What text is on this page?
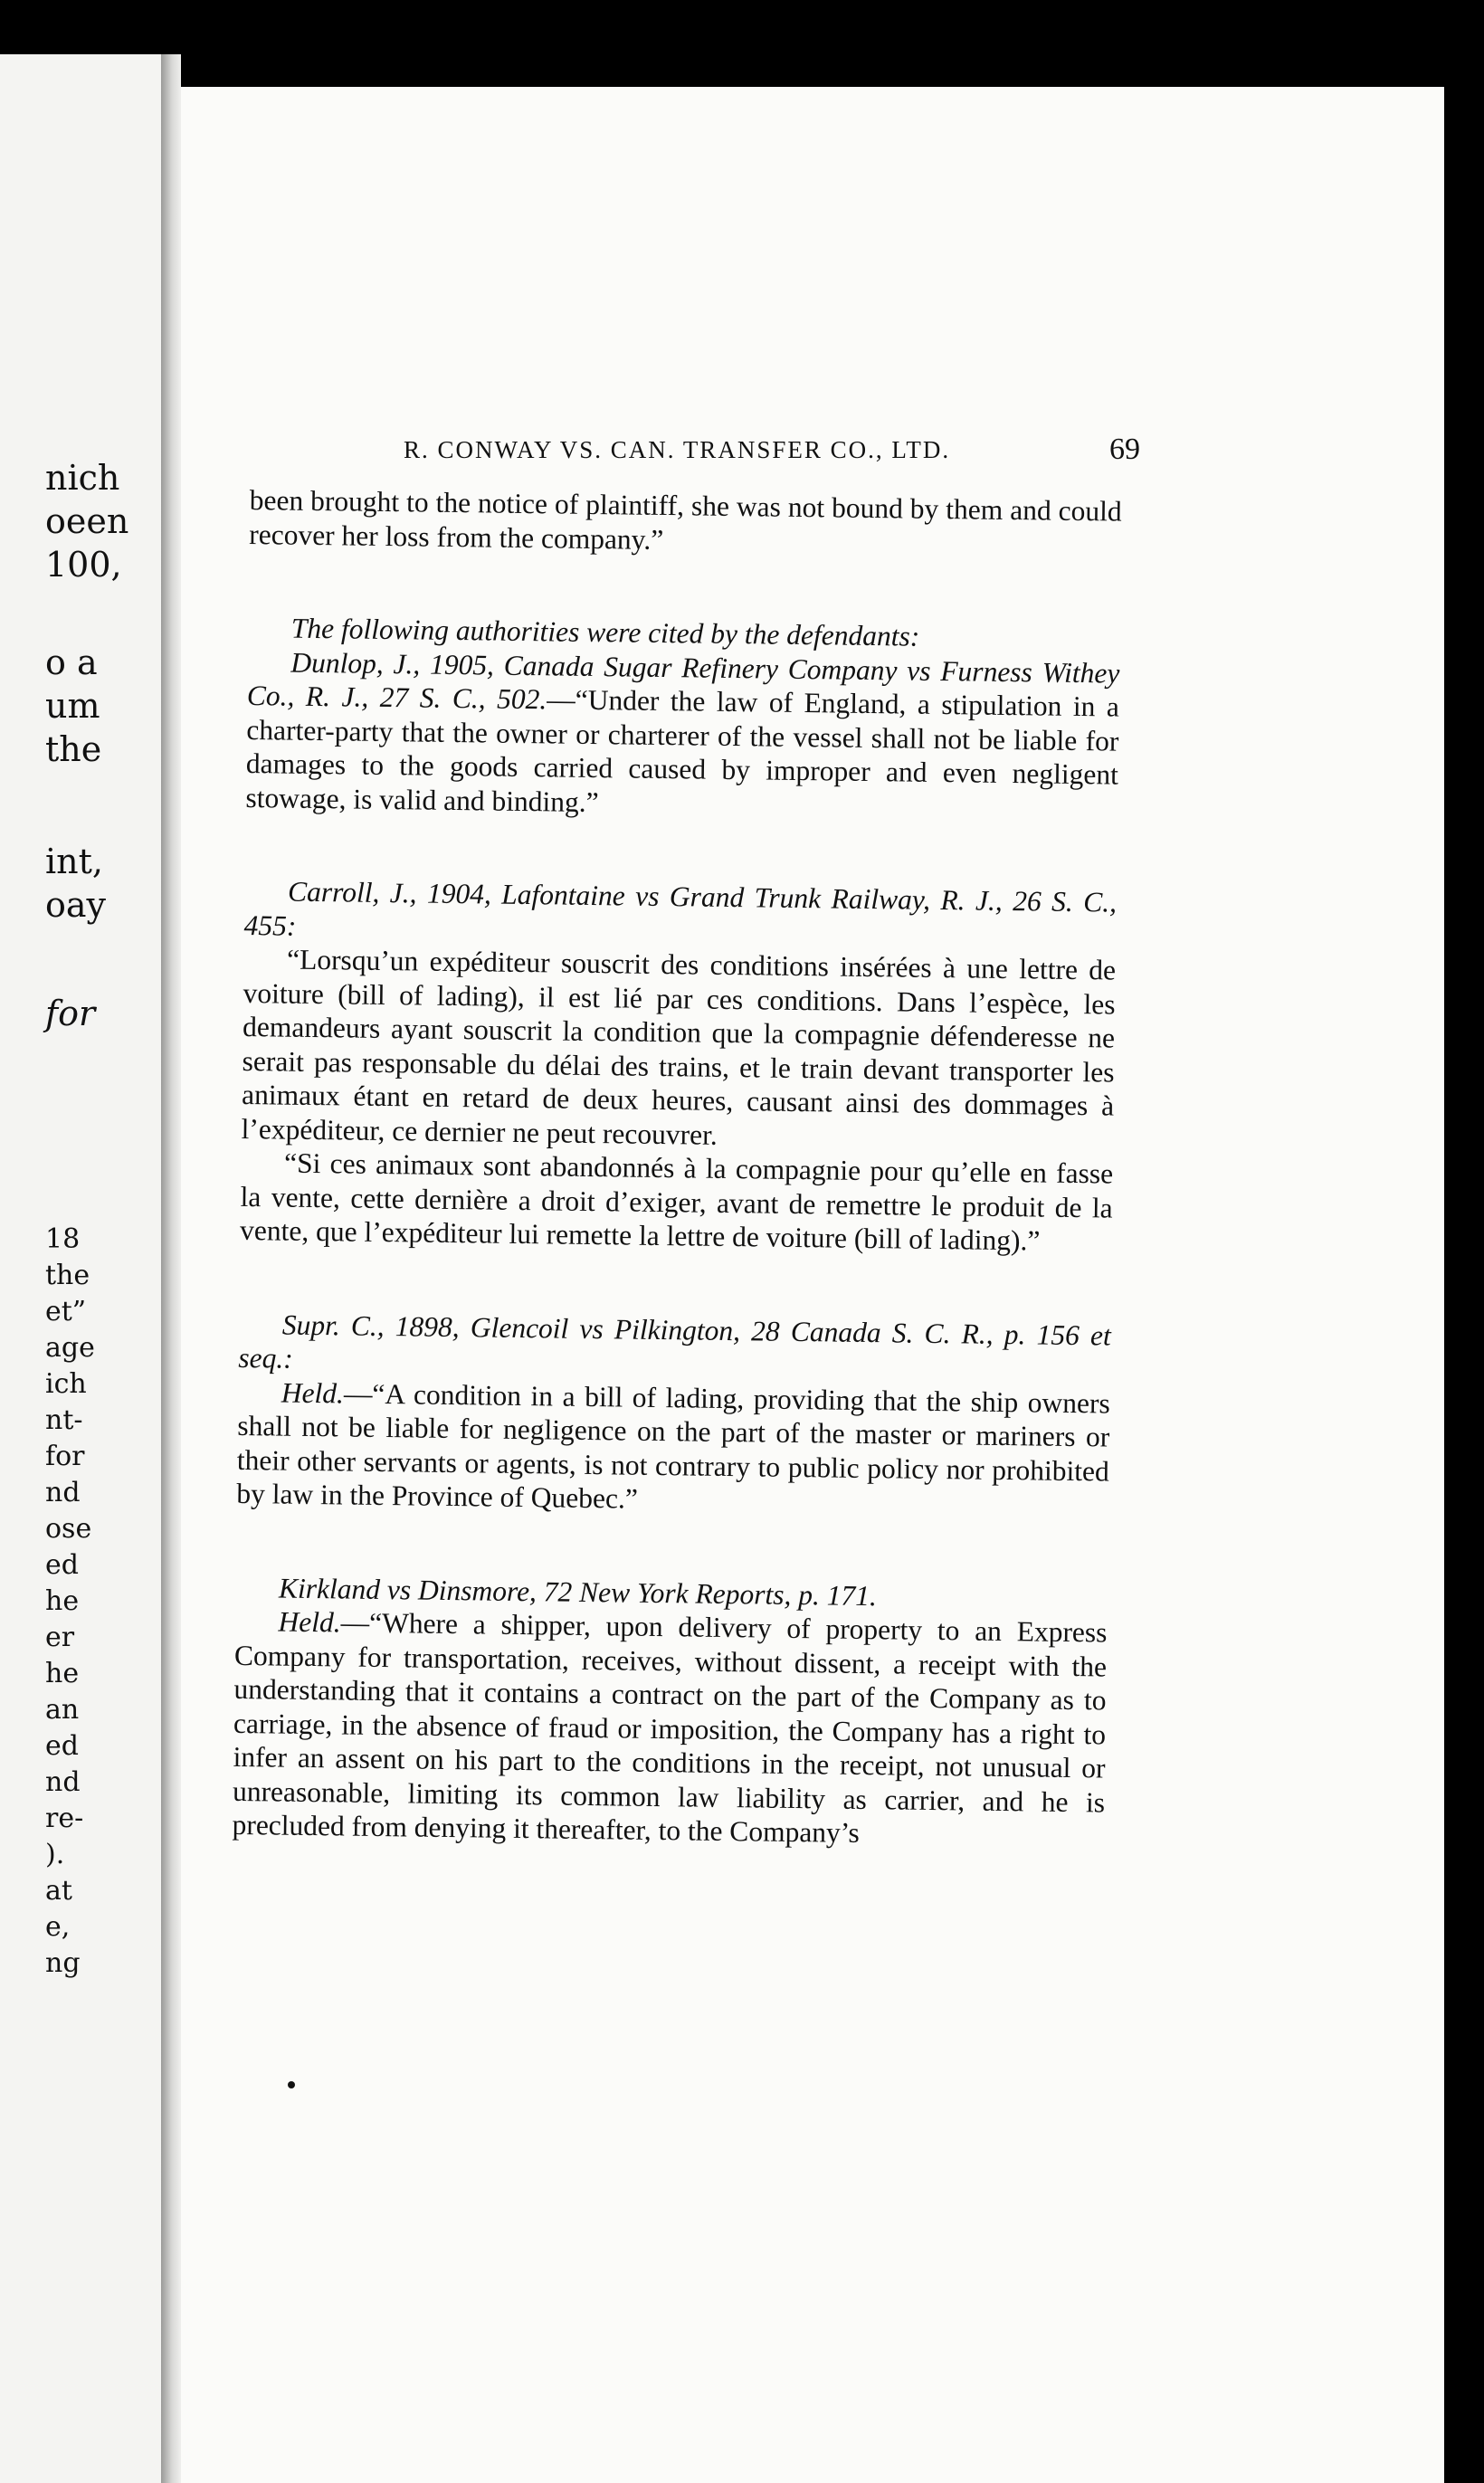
nich
oeen
100,
o a
um
the
int,
oay
for
18
the
et”
age
ich
nt-
for
nd
ose
ed
he
er
he
an
ed
nd
re-
).
at
e,
ng
R. CONWAY VS. CAN. TRANSFER CO., LTD.	69

been brought to the notice of plaintiff, she was not bound by them and could recover her loss from the company.”

The following authorities were cited by the defendants:

Dunlop, J., 1905, Canada Sugar Refinery Company vs Furness Withey Co., R. J., 27 S. C., 502.—“Under the law of England, a stipulation in a charter-party that the owner or charterer of the vessel shall not be liable for damages to the goods carried caused by improper and even negligent stowage, is valid and binding.”

Carroll, J., 1904, Lafontaine vs Grand Trunk Railway, R. J., 26 S. C., 455:

“Lorsqu’un expéditeur souscrit des conditions insérées à une lettre de voiture (bill of lading), il est lié par ces conditions. Dans l’espèce, les demandeurs ayant souscrit la condition que la compagnie défenderesse ne serait pas responsable du délai des trains, et le train devant transporter les animaux étant en retard de deux heures, causant ainsi des dommages à l’expéditeur, ce dernier ne peut recouvrer.

“Si ces animaux sont abandonnés à la compagnie pour qu’elle en fasse la vente, cette dernière a droit d’exiger, avant de remettre le produit de la vente, que l’expéditeur lui remette la lettre de voiture (bill of lading).”

Supr. C., 1898, Glencoil vs Pilkington, 28 Canada S. C. R., p. 156 et seq.:

Held.—“A condition in a bill of lading, providing that the ship owners shall not be liable for negligence on the part of the master or mariners or their other servants or agents, is not contrary to public policy nor prohibited by law in the Province of Quebec.”

Kirkland vs Dinsmore, 72 New York Reports, p. 171.

Held.—“Where a shipper, upon delivery of property to an Express Company for transportation, receives, without dissent, a receipt with the understanding that it contains a contract on the part of the Company as to carriage, in the absence of fraud or imposition, the Company has a right to infer an assent on his part to the conditions in the receipt, not unusual or unreasonable, limiting its common law liability as carrier, and he is precluded from denying it thereafter, to the Company’s
